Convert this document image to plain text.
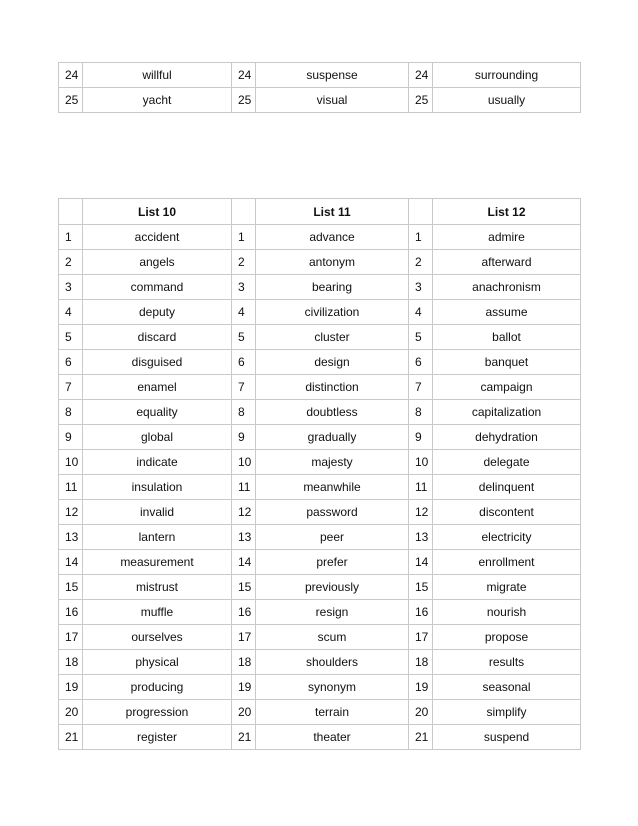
24	willful	24	suspense	24	surrounding
25	yacht	25	visual	25	usually
	List 10		List 11		List 12
1	accident	1	advance	1	admire
2	angels	2	antonym	2	afterward
3	command	3	bearing	3	anachronism
4	deputy	4	civilization	4	assume
5	discard	5	cluster	5	ballot
6	disguised	6	design	6	banquet
7	enamel	7	distinction	7	campaign
8	equality	8	doubtless	8	capitalization
9	global	9	gradually	9	dehydration
10	indicate	10	majesty	10	delegate
11	insulation	11	meanwhile	11	delinquent
12	invalid	12	password	12	discontent
13	lantern	13	peer	13	electricity
14	measurement	14	prefer	14	enrollment
15	mistrust	15	previously	15	migrate
16	muffle	16	resign	16	nourish
17	ourselves	17	scum	17	propose
18	physical	18	shoulders	18	results
19	producing	19	synonym	19	seasonal
20	progression	20	terrain	20	simplify
21	register	21	theater	21	suspend
